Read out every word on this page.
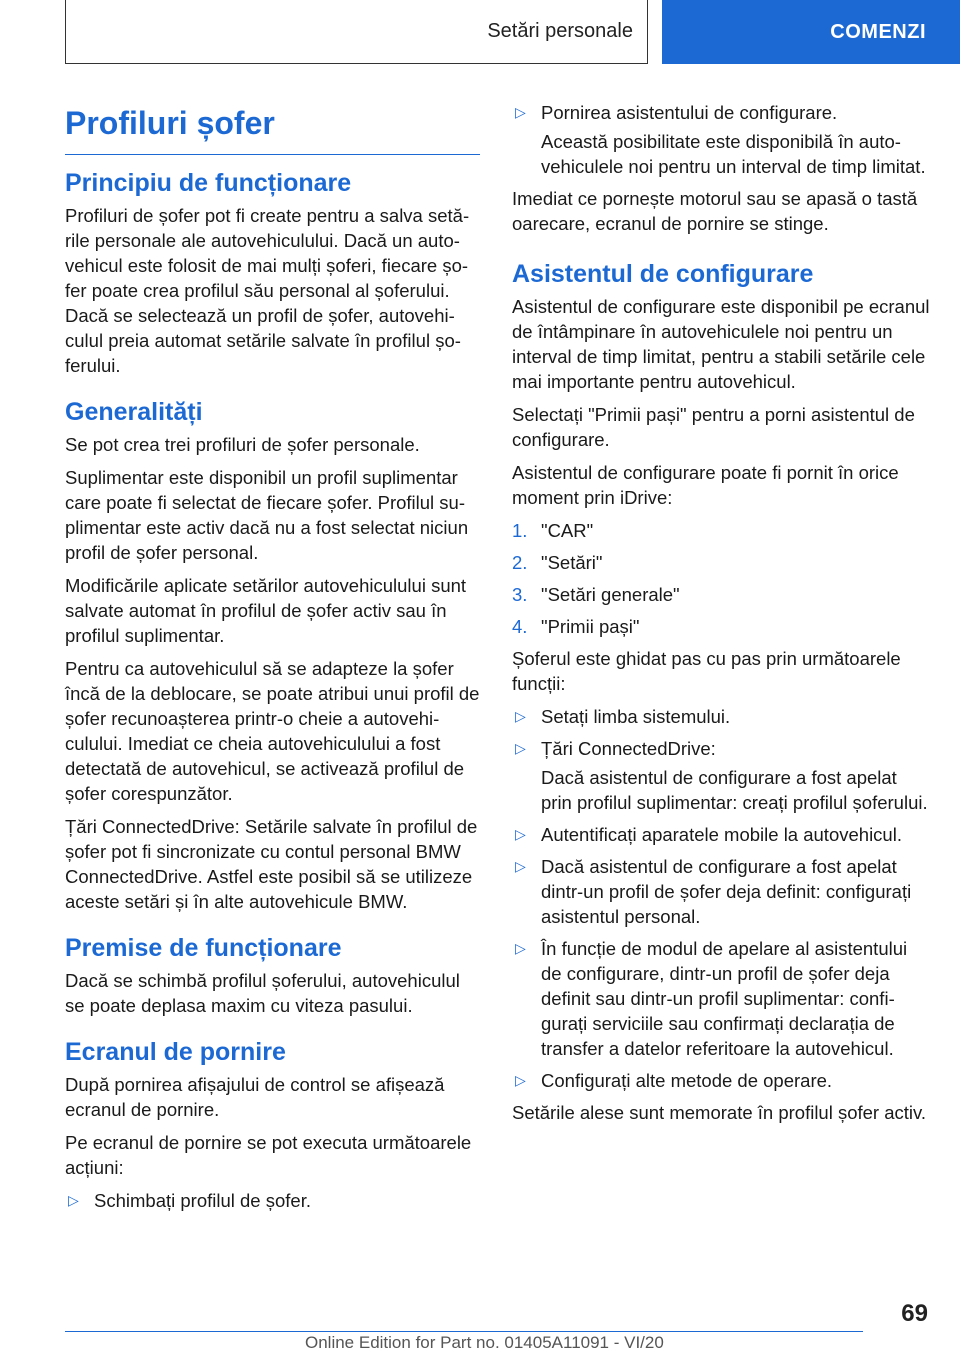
Setări personale	COMENZI
Profiluri șofer
Principiu de funcționare

Profiluri de șofer pot fi create pentru a salva setările personale ale autovehiculului. Dacă un autovehicul este folosit de mai mulți șoferi, fiecare șofer poate crea profilul său personal al șoferului. Dacă se selectează un profil de șofer, autovehiculul preia automat setările salvate în profilul șoferului.

Generalități

Se pot crea trei profiluri de șofer personale.

Suplimentar este disponibil un profil suplimentar care poate fi selectat de fiecare șofer. Profilul suplimentar este activ dacă nu a fost selectat niciun profil de șofer personal.

Modificările aplicate setărilor autovehiculului sunt salvate automat în profilul de șofer activ sau în profilul suplimentar.

Pentru ca autovehiculul să se adapteze la șofer încă de la deblocare, se poate atribui unui profil de șofer recunoașterea printr-o cheie a autovehiculului. Imediat ce cheia autovehiculului a fost detectată de autovehicul, se activează profilul de șofer corespunzător.

Țări ConnectedDrive: Setările salvate în profilul de șofer pot fi sincronizate cu contul personal BMW ConnectedDrive. Astfel este posibil să se utilizeze aceste setări și în alte autovehicule BMW.

Premise de funcționare

Dacă se schimbă profilul șoferului, autovehiculul se poate deplasa maxim cu viteza pasului.

Ecranul de pornire

După pornirea afișajului de control se afișează ecranul de pornire.

Pe ecranul de pornire se pot executa următoarele acțiuni:

▷ Schimbați profilul de șofer.
▷ Pornirea asistentului de configurare.
Această posibilitate este disponibilă în autovehiculele noi pentru un interval de timp limitat.

Imediat ce pornește motorul sau se apasă o tastă oarecare, ecranul de pornire se stinge.

Asistentul de configurare

Asistentul de configurare este disponibil pe ecranul de întâmpinare în autovehiculele noi pentru un interval de timp limitat, pentru a stabili setările cele mai importante pentru autovehicul.

Selectați "Primii pași" pentru a porni asistentul de configurare.

Asistentul de configurare poate fi pornit în orice moment prin iDrive:

1. "CAR"
2. "Setări"
3. "Setări generale"
4. "Primii pași"

Șoferul este ghidat pas cu pas prin următoarele funcții:

▷ Setați limba sistemului.
▷ Țări ConnectedDrive:
Dacă asistentul de configurare a fost apelat prin profilul suplimentar: creați profilul șoferului.
▷ Autentificați aparatele mobile la autovehicul.
▷ Dacă asistentul de configurare a fost apelat dintr-un profil de șofer deja definit: configurați asistentul personal.
▷ În funcție de modul de apelare al asistentului de configurare, dintr-un profil de șofer deja definit sau dintr-un profil suplimentar: configurați serviciile sau confirmați declarația de transfer a datelor referitoare la autovehicul.
▷ Configurați alte metode de operare.

Setările alese sunt memorate în profilul șofer activ.

69
Online Edition for Part no. 01405A11091 - VI/20
